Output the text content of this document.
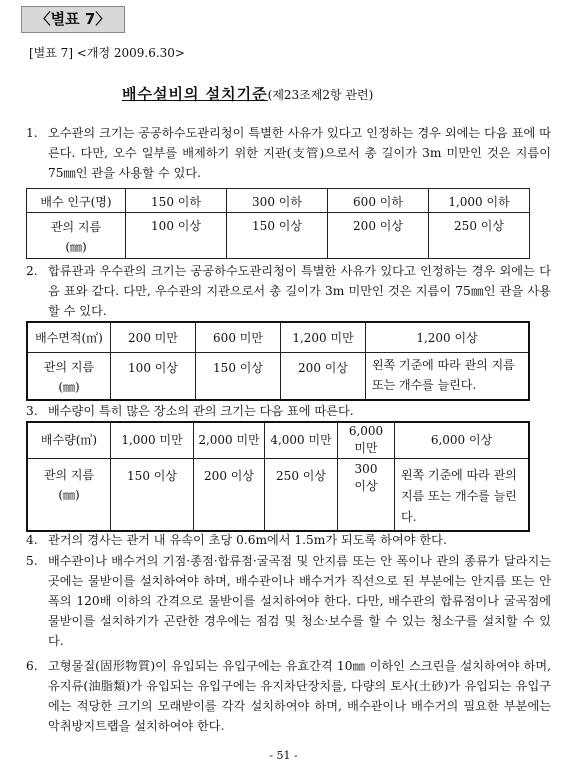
〈별표 7〉
[별표 7] <개정 2009.6.30>
배수설비의 설치기준(제23조제2항 관련)
1. 오수관의 크기는 공공하수도관리청이 특별한 사유가 있다고 인정하는 경우 외에는 다음 표에 따른다. 다만, 오수 일부를 배제하기 위한 지관(支管)으로서 총 길이가 3m 미만인 것은 지름이 75㎜인 관을 사용할 수 있다.
배수 인구(명)	150 이하	300 이하	600 이하	1,000 이하
관의 지름
(㎜)	100 이상	150 이상	200 이상	250 이상
2. 합류관과 우수관의 크기는 공공하수도관리청이 특별한 사유가 있다고 인정하는 경우 외에는 다음 표와 같다. 다만, 우수관의 지관으로서 총 길이가 3m 미만인 것은 지름이 75㎜인 관을 사용할 수 있다.
배수면적(㎡)	200 미만	600 미만	1,200 미만	1,200 이상
관의 지름
(㎜)	100 이상	150 이상	200 이상	왼쪽 기준에 따라 관의 지름 또는 개수를 늘린다.
3. 배수량이 특히 많은 장소의 관의 크기는 다음 표에 따른다.
배수량(㎥)	1,000 미만	2,000 미만	4,000 미만	6,000
미만	6,000 이상
관의 지름
(㎜)	150 이상	200 이상	250 이상	300
이상	왼쪽 기준에 따라 관의 지름 또는 개수를 늘린다.
4. 관거의 경사는 관거 내 유속이 초당 0.6m에서 1.5m가 되도록 하여야 한다.
5. 배수관이나 배수거의 기점·종점·합류점·굴곡점 및 안지름 또는 안 폭이나 관의 종류가 달라지는 곳에는 물받이를 설치하여야 하며, 배수관이나 배수거가 직선으로 된 부분에는 안지름 또는 안 폭의 120배 이하의 간격으로 물받이를 설치하여야 한다. 다만, 배수관의 합류점이나 굴곡점에 물받이를 설치하기가 곤란한 경우에는 점검 및 청소·보수를 할 수 있는 청소구를 설치할 수 있다.
6. 고형물질(固形物質)이 유입되는 유입구에는 유효간격 10㎜ 이하인 스크린을 설치하여야 하며, 유지류(油脂類)가 유입되는 유입구에는 유지차단장치를, 다량의 토사(土砂)가 유입되는 유입구에는 적당한 크기의 모래받이를 각각 설치하여야 하며, 배수관이나 배수거의 필요한 부분에는 악취방지트랩을 설치하여야 한다.
- 51 -
